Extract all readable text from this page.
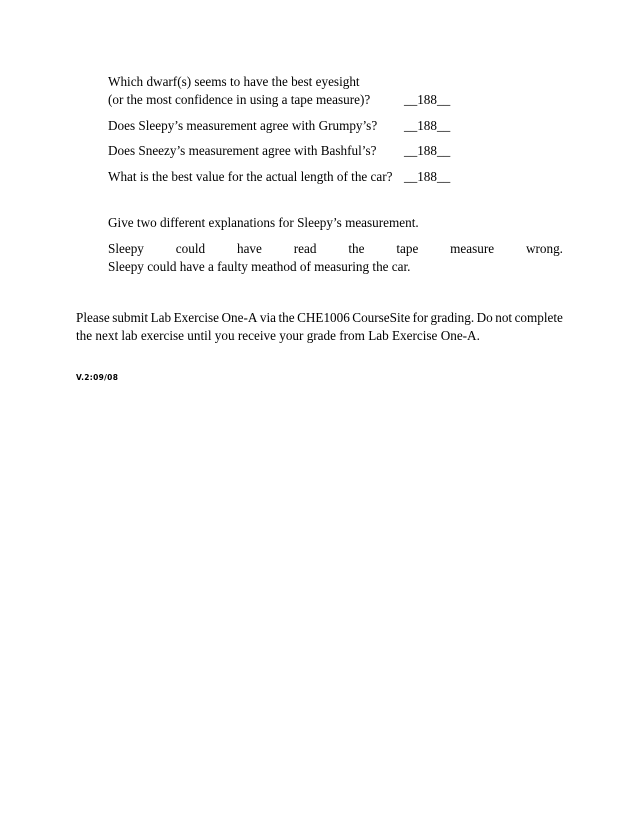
Which dwarf(s) seems to have the best eyesight
(or the most confidence in using a tape measure)?	__188__
Does Sleepy’s measurement agree with Grumpy’s? __188__
Does Sneezy’s measurement agree with Bashful’s? __188__
What is the best value for the actual length of the car? __188__
Give two different explanations for Sleepy’s measurement.
Sleepy could have read the tape measure wrong.
Sleepy could have a faulty meathod of measuring the car.
Please submit Lab Exercise One-A via the CHE1006 CourseSite for grading. Do not complete
the next lab exercise until you receive your grade from Lab Exercise One-A.
V.2:09/08
